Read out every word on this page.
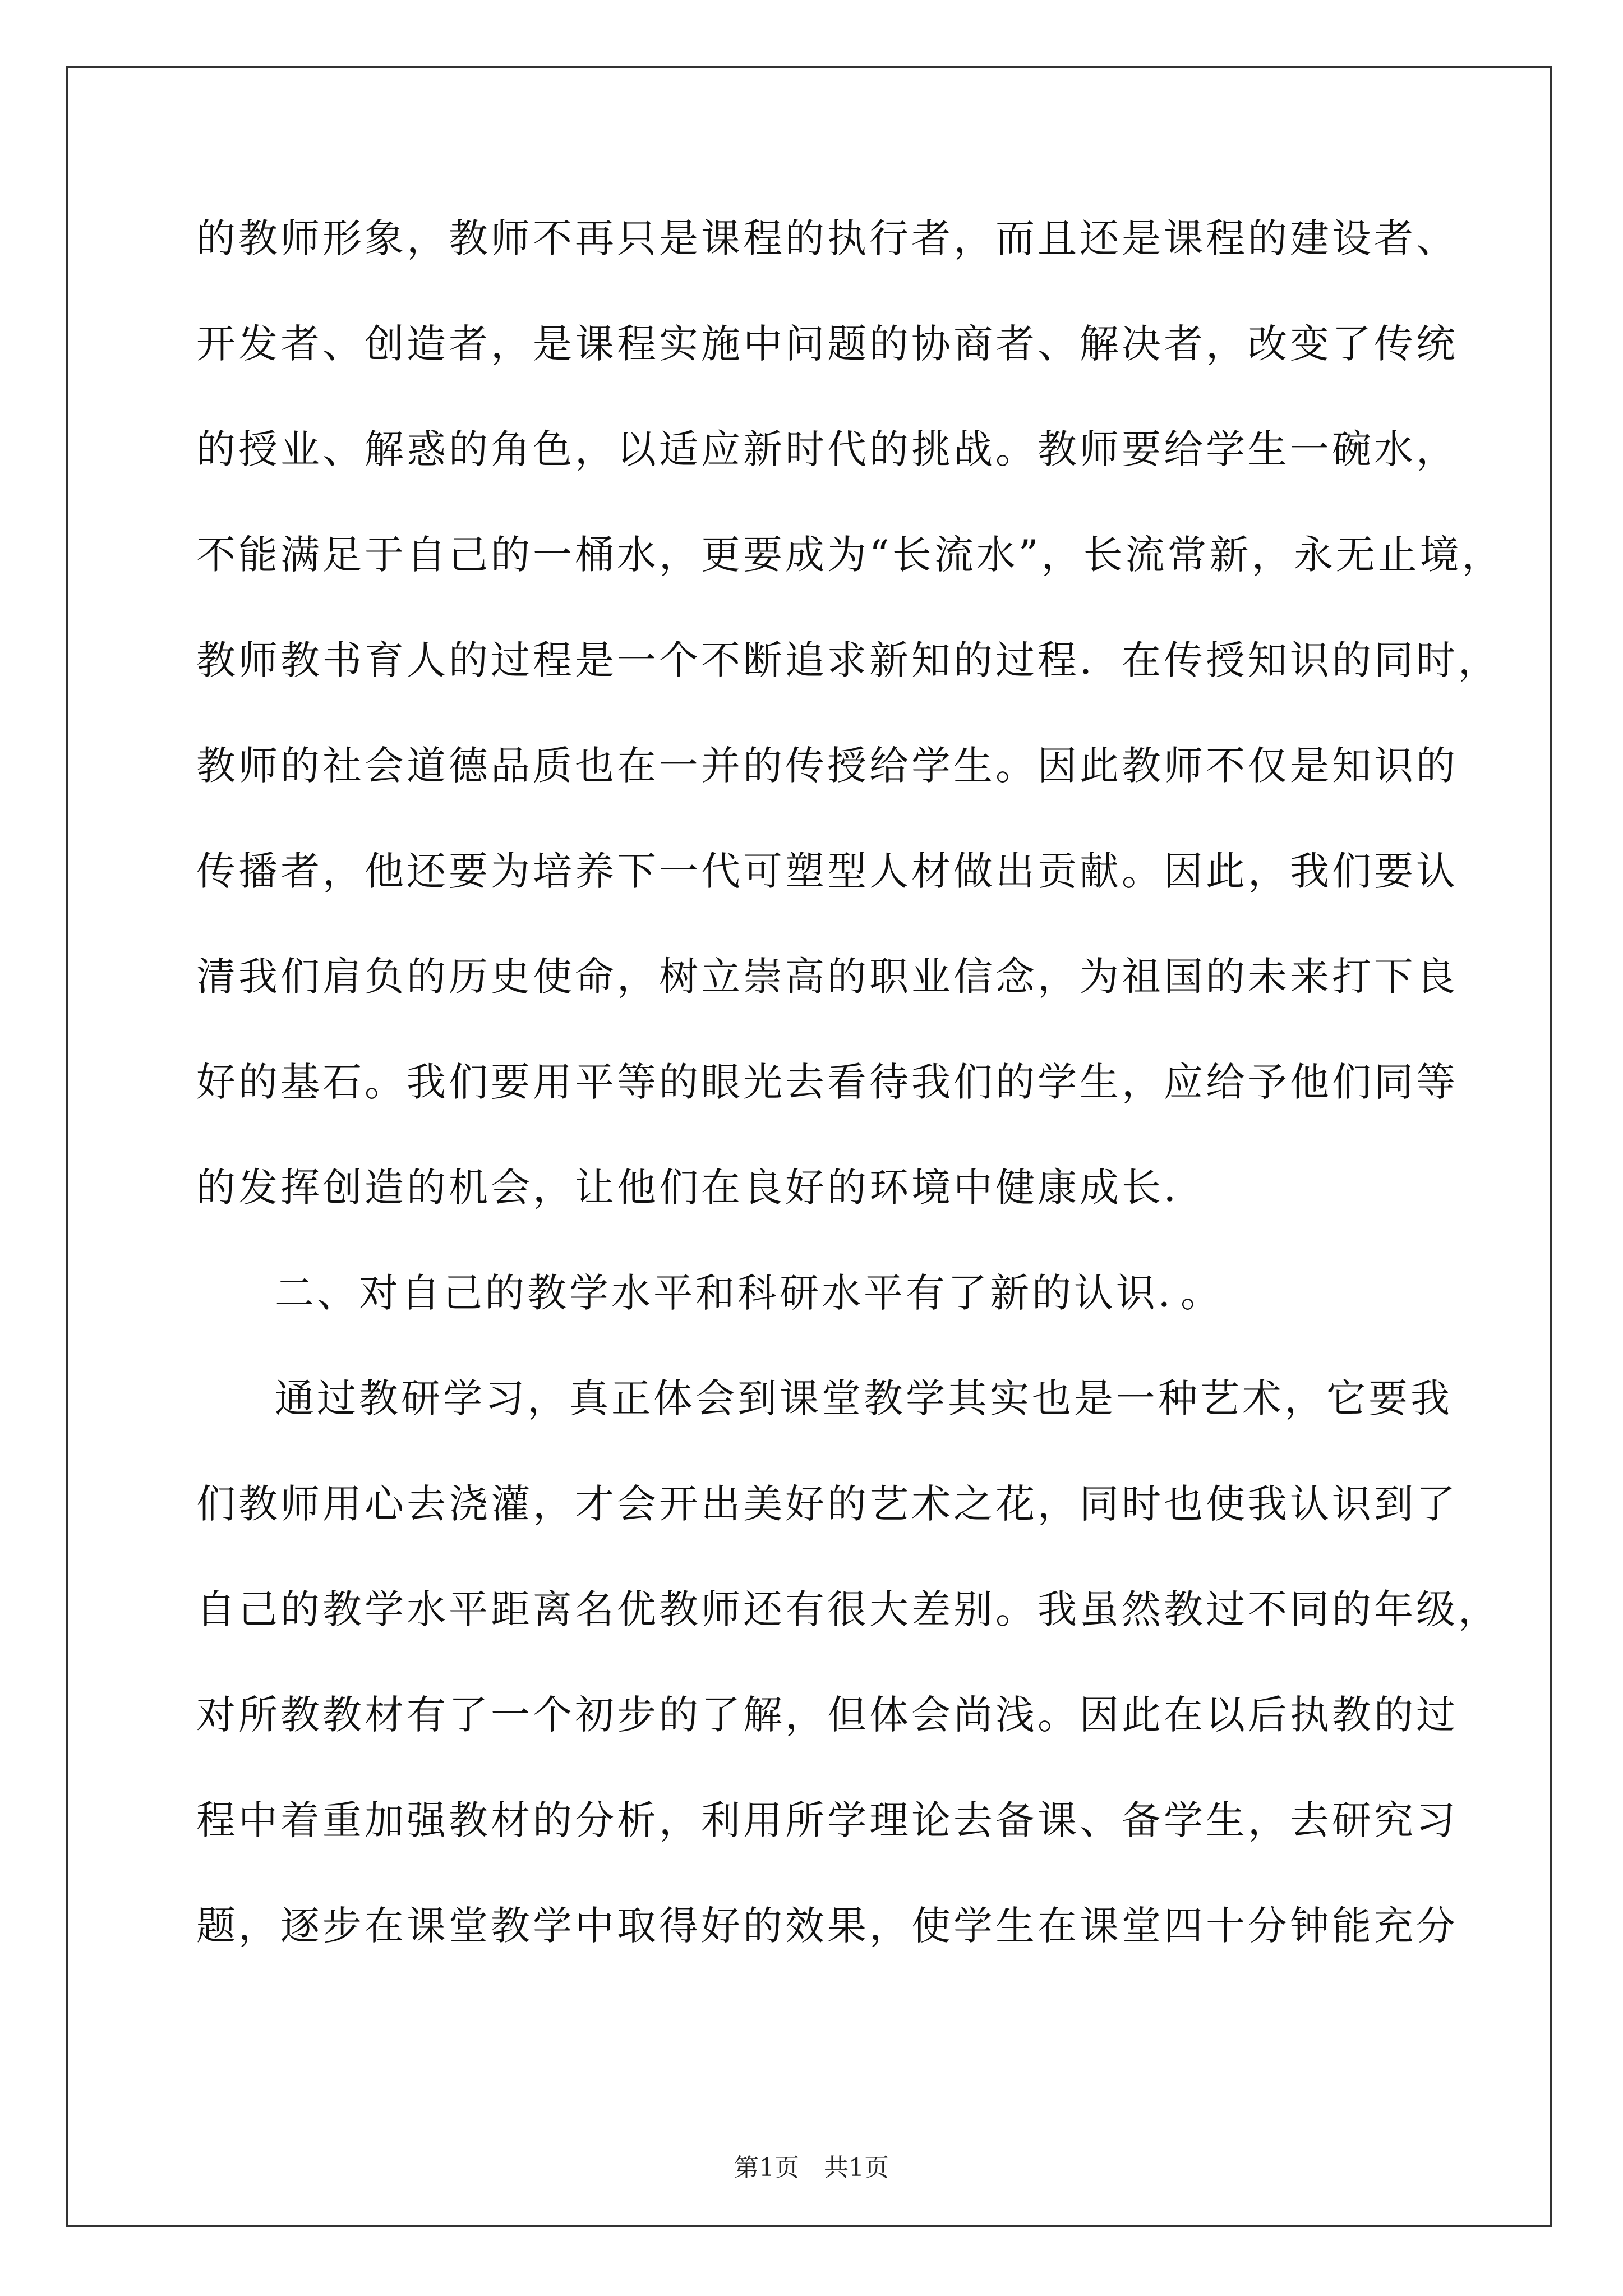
的教师形象，教师不再只是课程的执行者，而且还是课程的建设者、
开发者、创造者，是课程实施中问题的协商者、解决者，改变了传统
的授业、解惑的角色，以适应新时代的挑战。教师要给学生一碗水，
不能满足于自己的一桶水，更要成为“长流水”，长流常新，永无止境，
教师教书育人的过程是一个不断追求新知的过程．在传授知识的同时，
教师的社会道德品质也在一并的传授给学生。因此教师不仅是知识的
传播者，他还要为培养下一代可塑型人材做出贡献。因此，我们要认
清我们肩负的历史使命，树立崇高的职业信念，为祖国的未来打下良
好的基石。我们要用平等的眼光去看待我们的学生，应给予他们同等
的发挥创造的机会，让他们在良好的环境中健康成长．
二、对自己的教学水平和科研水平有了新的认识．。
通过教研学习，真正体会到课堂教学其实也是一种艺术，它要我
们教师用心去浇灌，才会开出美好的艺术之花，同时也使我认识到了
自己的教学水平距离名优教师还有很大差别。我虽然教过不同的年级，
对所教教材有了一个初步的了解，但体会尚浅。因此在以后执教的过
程中着重加强教材的分析，利用所学理论去备课、备学生，去研究习
题，逐步在课堂教学中取得好的效果，使学生在课堂四十分钟能充分
第1页　共1页
